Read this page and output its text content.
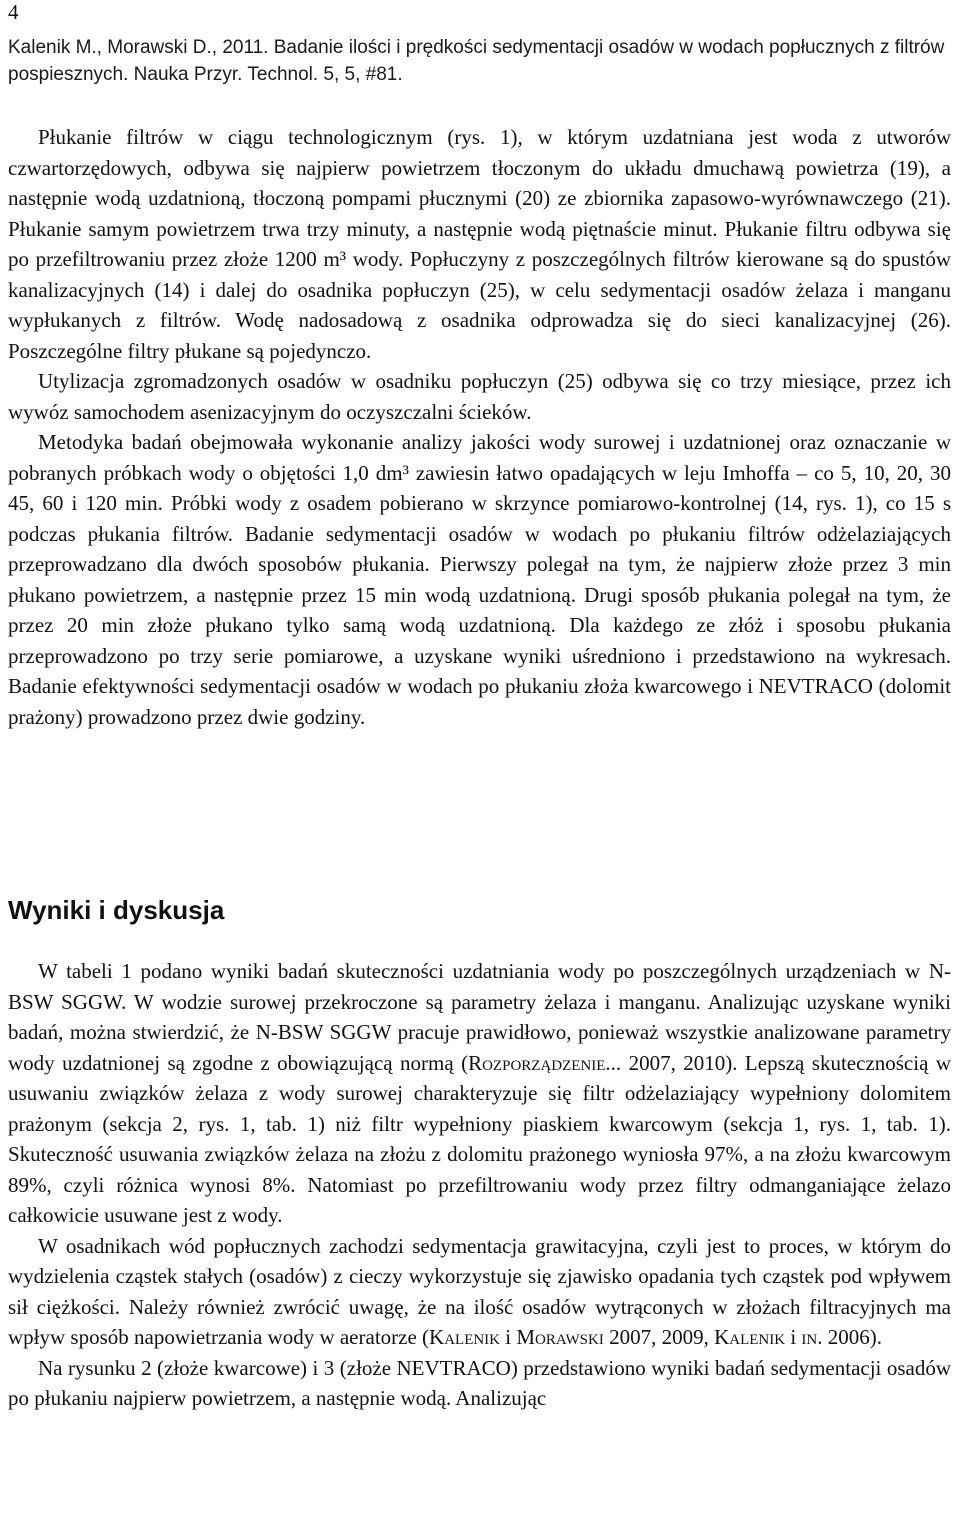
4
Kalenik M., Morawski D., 2011. Badanie ilości i prędkości sedymentacji osadów w wodach popłucznych z filtrów
pospiesznych. Nauka Przyr. Technol. 5, 5, #81.

Płukanie filtrów w ciągu technologicznym (rys. 1), w którym uzdatniana jest woda z utworów czwartorzędowych, odbywa się najpierw powietrzem tłoczonym do układu dmuchawą powietrza (19), a następnie wodą uzdatnioną, tłoczoną pompami płucznymi (20) ze zbiornika zapasowo-wyrównawczego (21). Płukanie samym powietrzem trwa trzy minuty, a następnie wodą piętnaście minut. Płukanie filtru odbywa się po przefiltrowaniu przez złoże 1200 m³ wody. Popłuczyny z poszczególnych filtrów kierowane są do spustów kanalizacyjnych (14) i dalej do osadnika popłuczyn (25), w celu sedymentacji osadów żelaza i manganu wypłukanych z filtrów. Wodę nadosadową z osadnika odprowadza się do sieci kanalizacyjnej (26). Poszczególne filtry płukane są pojedynczo.

Utylizacja zgromadzonych osadów w osadniku popłuczyn (25) odbywa się co trzy miesiące, przez ich wywóz samochodem asenizacyjnym do oczyszczalni ścieków.

Metodyka badań obejmowała wykonanie analizy jakości wody surowej i uzdatnionej oraz oznaczanie w pobranych próbkach wody o objętości 1,0 dm³ zawiesin łatwo opadających w leju Imhoffa – co 5, 10, 20, 30 45, 60 i 120 min. Próbki wody z osadem pobierano w skrzynce pomiarowo-kontrolnej (14, rys. 1), co 15 s podczas płukania filtrów. Badanie sedymentacji osadów w wodach po płukaniu filtrów odżelaziających przeprowadzano dla dwóch sposobów płukania. Pierwszy polegał na tym, że najpierw złoże przez 3 min płukano powietrzem, a następnie przez 15 min wodą uzdatnioną. Drugi sposób płukania polegał na tym, że przez 20 min złoże płukano tylko samą wodą uzdatnioną. Dla każdego ze złóż i sposobu płukania przeprowadzono po trzy serie pomiarowe, a uzyskane wyniki uśredniono i przedstawiono na wykresach. Badanie efektywności sedymentacji osadów w wodach po płukaniu złoża kwarcowego i NEVTRACO (dolomit prażony) prowadzono przez dwie godziny.

Wyniki i dyskusja

W tabeli 1 podano wyniki badań skuteczności uzdatniania wody po poszczególnych urządzeniach w N-BSW SGGW. W wodzie surowej przekroczone są parametry żelaza i manganu. Analizując uzyskane wyniki badań, można stwierdzić, że N-BSW SGGW pracuje prawidłowo, ponieważ wszystkie analizowane parametry wody uzdatnionej są zgodne z obowiązującą normą (Rozporządzenie... 2007, 2010). Lepszą skutecznością w usuwaniu związków żelaza z wody surowej charakteryzuje się filtr odżelaziający wypełniony dolomitem prażonym (sekcja 2, rys. 1, tab. 1) niż filtr wypełniony piaskiem kwarcowym (sekcja 1, rys. 1, tab. 1). Skuteczność usuwania związków żelaza na złożu z dolomitu prażonego wyniosła 97%, a na złożu kwarcowym 89%, czyli różnica wynosi 8%. Natomiast po przefiltrowaniu wody przez filtry odmanganiające żelazo całkowicie usuwane jest z wody.

W osadnikach wód popłucznych zachodzi sedymentacja grawitacyjna, czyli jest to proces, w którym do wydzielenia cząstek stałych (osadów) z cieczy wykorzystuje się zjawisko opadania tych cząstek pod wpływem sił ciężkości. Należy również zwrócić uwagę, że na ilość osadów wytrąconych w złożach filtracyjnych ma wpływ sposób napowietrzania wody w aeratorze (Kalenik i Morawski 2007, 2009, Kalenik i in. 2006).

Na rysunku 2 (złoże kwarcowe) i 3 (złoże NEVTRACO) przedstawiono wyniki badań sedymentacji osadów po płukaniu najpierw powietrzem, a następnie wodą. Analizując
